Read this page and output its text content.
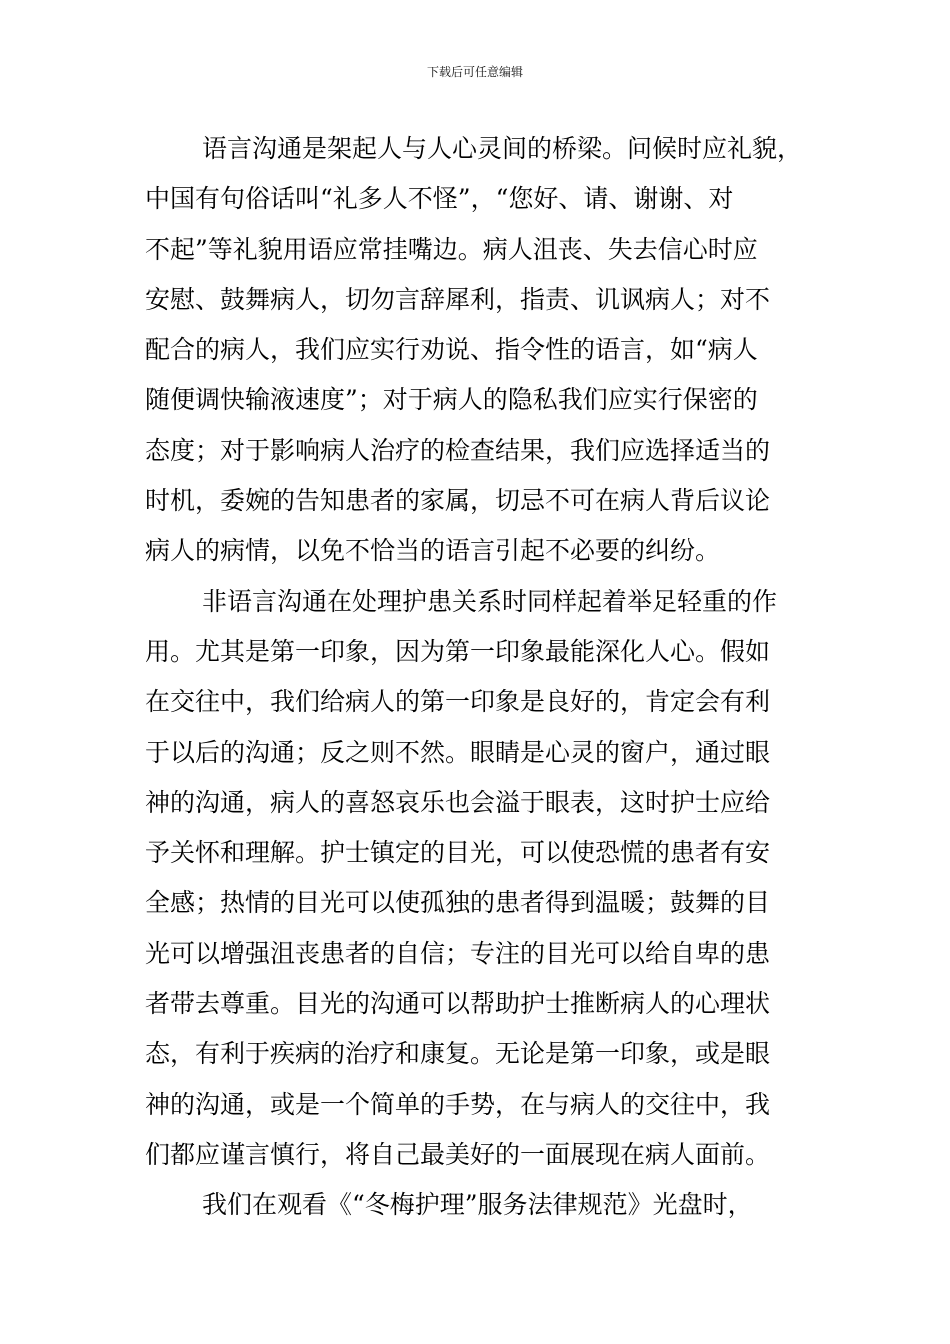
下载后可任意编辑
语言沟通是架起人与人心灵间的桥梁。问候时应礼貌，
中国有句俗话叫“礼多人不怪”，“您好、请、谢谢、对
不起”等礼貌用语应常挂嘴边。病人沮丧、失去信心时应
安慰、鼓舞病人，切勿言辞犀利，指责、讥讽病人；对不
配合的病人，我们应实行劝说、指令性的语言，如“病人
随便调快输液速度”；对于病人的隐私我们应实行保密的
态度；对于影响病人治疗的检查结果，我们应选择适当的
时机，委婉的告知患者的家属，切忌不可在病人背后议论
病人的病情，以免不恰当的语言引起不必要的纠纷。
非语言沟通在处理护患关系时同样起着举足轻重的作
用。尤其是第一印象，因为第一印象最能深化人心。假如
在交往中，我们给病人的第一印象是良好的，肯定会有利
于以后的沟通；反之则不然。眼睛是心灵的窗户，通过眼
神的沟通，病人的喜怒哀乐也会溢于眼表，这时护士应给
予关怀和理解。护士镇定的目光，可以使恐慌的患者有安
全感；热情的目光可以使孤独的患者得到温暖；鼓舞的目
光可以增强沮丧患者的自信；专注的目光可以给自卑的患
者带去尊重。目光的沟通可以帮助护士推断病人的心理状
态，有利于疾病的治疗和康复。无论是第一印象，或是眼
神的沟通，或是一个简单的手势，在与病人的交往中，我
们都应谨言慎行，将自己最美好的一面展现在病人面前。
我们在观看《“冬梅护理”服务法律规范》光盘时，
